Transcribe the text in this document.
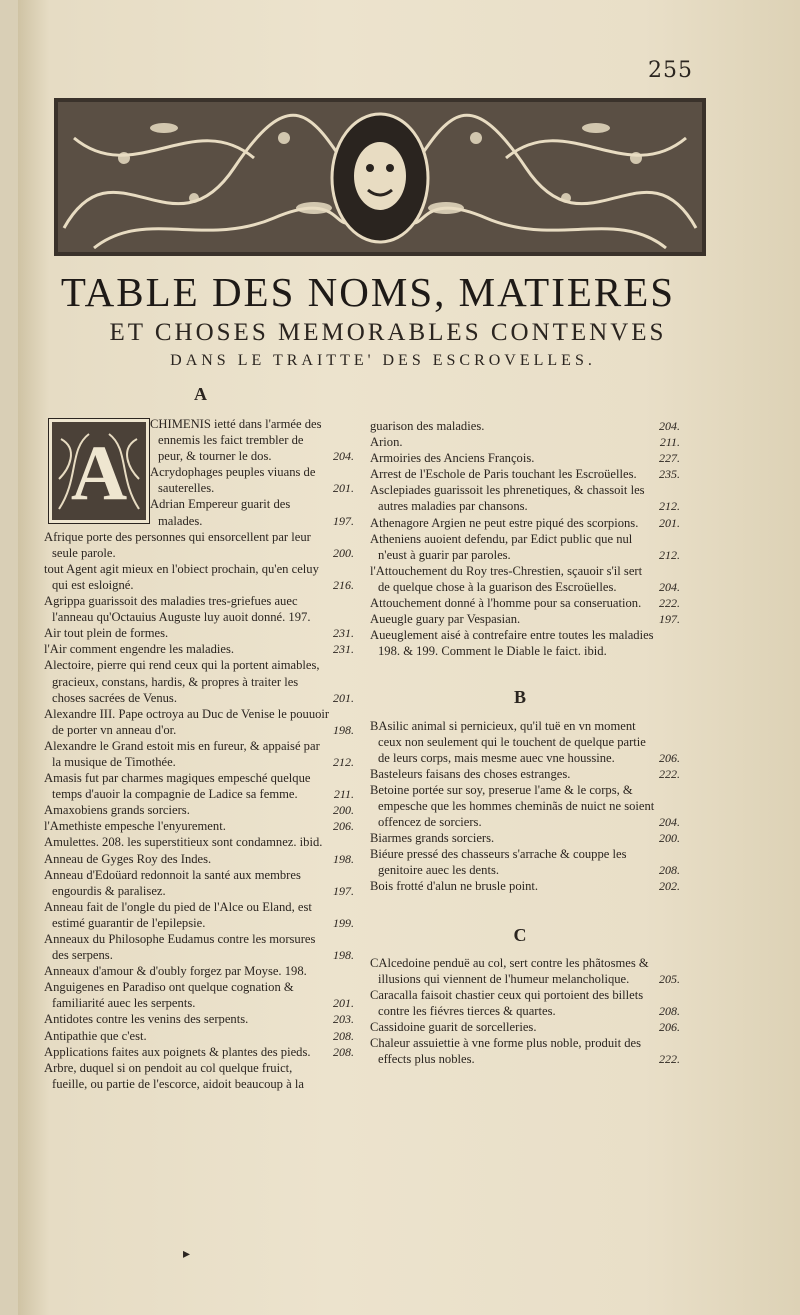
255
TABLE DES NOMS, MATIERES
ET CHOSES MEMORABLES CONTENVES
DANS LE TRAITTE' DES ESCROVELLES.
A
A
CHIMENIS ietté dans l'armée des ennemis les faict trembler de peur, & tourner le dos.	204.
Acrydophages peuples viuans de sauterelles.	201.
Adrian Empereur guarit des malades.	197.
Afrique porte des personnes qui ensorcellent par leur seule parole.	200.
tout Agent agit mieux en l'obiect prochain, qu'en celuy qui est esloigné.	216.
Agrippa guarissoit des maladies tres-griefues auec l'anneau qu'Octauius Auguste luy auoit donné. 197.
Air tout plein de formes.	231.
l'Air comment engendre les maladies.	231.
Alectoire, pierre qui rend ceux qui la portent aimables, gracieux, constans, hardis, & propres à traiter les choses sacrées de Venus.	201.
Alexandre III. Pape octroya au Duc de Venise le pouuoir de porter vn anneau d'or.	198.
Alexandre le Grand estoit mis en fureur, & appaisé par la musique de Timothée.	212.
Amasis fut par charmes magiques empesché quelque temps d'auoir la compagnie de Ladice sa femme.	211.
Amaxobiens grands sorciers.	200.
l'Amethiste empesche l'enyurement.	206.
Amulettes. 208. les superstitieux sont condamnez. ibid.
Anneau de Gyges Roy des Indes.	198.
Anneau d'Edoüard redonnoit la santé aux membres engourdis & paralisez.	197.
Anneau fait de l'ongle du pied de l'Alce ou Eland, est estimé guarantir de l'epilepsie.	199.
Anneaux du Philosophe Eudamus contre les morsures des serpens.	198.
Anneaux d'amour & d'oubly forgez par Moyse. 198.
Anguigenes en Paradiso ont quelque cognation & familiarité auec les serpents.	201.
Antidotes contre les venins des serpents.	203.
Antipathie que c'est.	208.
Applications faites aux poignets & plantes des pieds. 208.
Arbre, duquel si on pendoit au col quelque fruict, fueille, ou partie de l'escorce, aidoit beaucoup à la
guarison des maladies.	204.
Arion.	211.
Armoiries des Anciens François.	227.
Arrest de l'Eschole de Paris touchant les Escroüelles. 235.
Asclepiades guarissoit les phrenetiques, & chassoit les autres maladies par chansons.	212.
Athenagore Argien ne peut estre piqué des scorpions. 201.
Atheniens auoient defendu, par Edict public que nul n'eust à guarir par paroles.	212.
l'Attouchement du Roy tres-Chrestien, sçauoir s'il sert de quelque chose à la guarison des Escroüelles.	204.
Attouchement donné à l'homme pour sa conseruation. 222.
Aueugle guary par Vespasian.	197.
Aueuglement aisé à contrefaire entre toutes les maladies 198. & 199. Comment le Diable le faict. ibid.
B
BAsilic animal si pernicieux, qu'il tuë en vn moment ceux non seulement qui le touchent de quelque partie de leurs corps, mais mesme auec vne houssine.	206.
Basteleurs faisans des choses estranges.	222.
Betoine portée sur soy, preserue l'ame & le corps, & empesche que les hommes cheminãs de nuict ne soient offencez de sorciers.	204.
Biarmes grands sorciers.	200.
Biéure pressé des chasseurs s'arrache & couppe les genitoire auec les dents.	208.
Bois frotté d'alun ne brusle point.	202.
C
CAlcedoine penduë au col, sert contre les phãtosmes & illusions qui viennent de l'humeur melancholique. 205.
Caracalla faisoit chastier ceux qui portoient des billets contre les fiévres tierces & quartes.	208.
Cassidoine guarit de sorcelleries.	206.
Chaleur assuiettie à vne forme plus noble, produit des effects plus nobles.	222.
▸
